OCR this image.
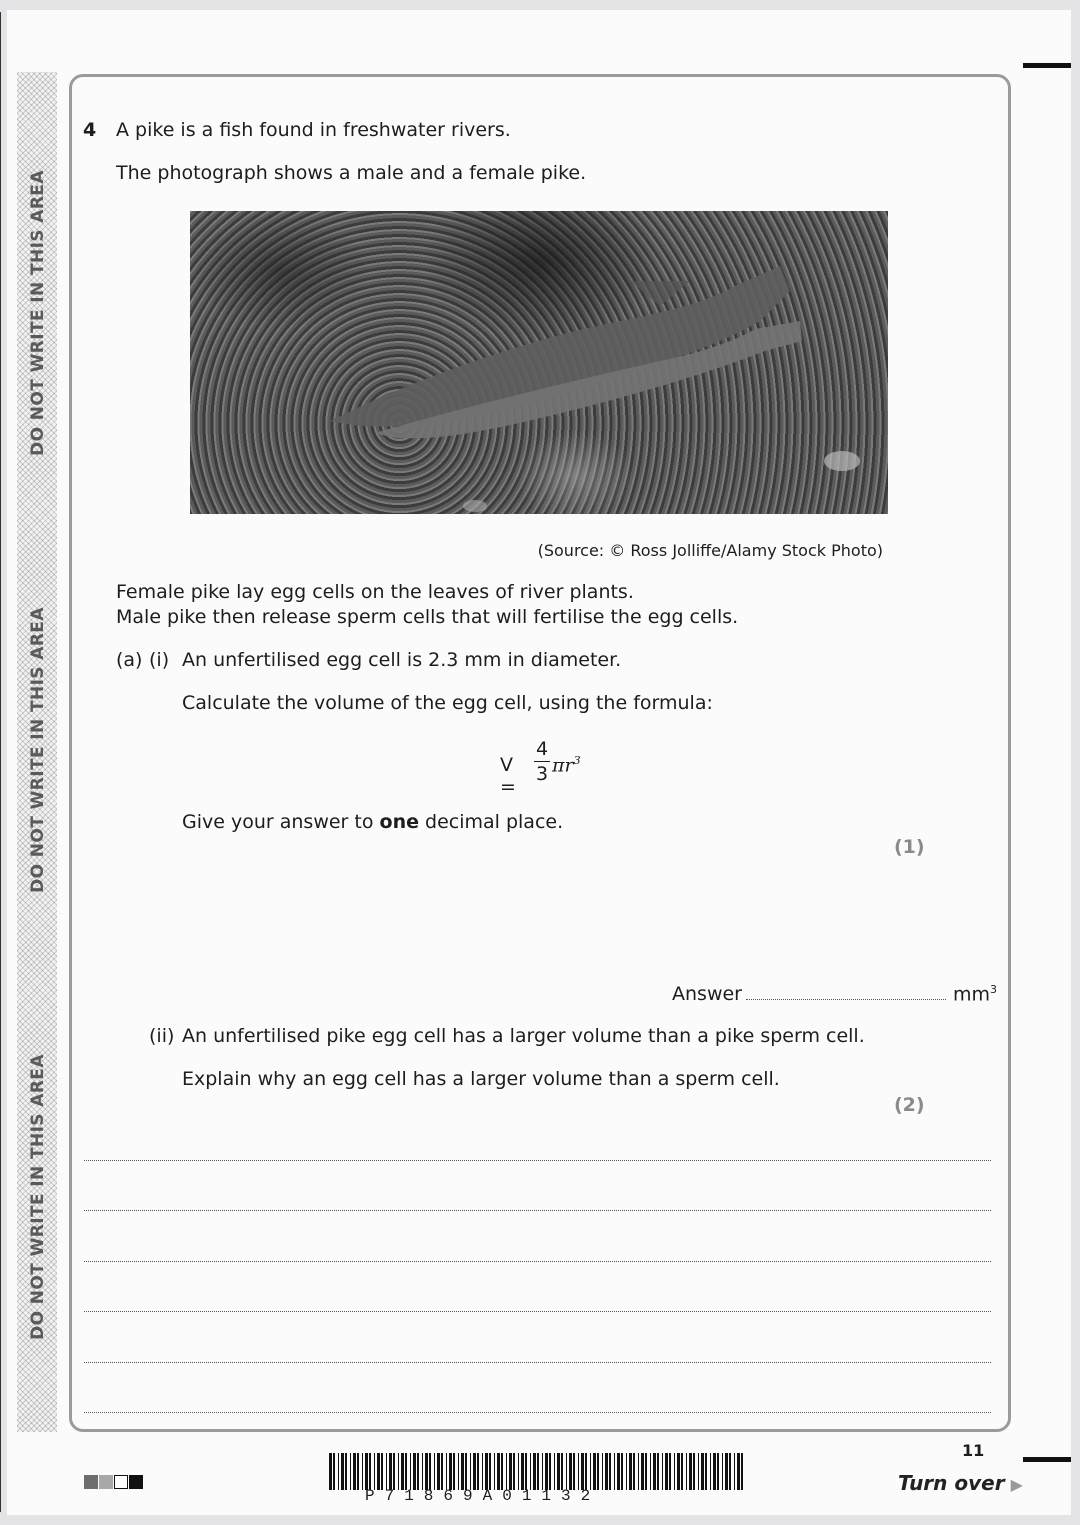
DO NOT WRITE IN THIS AREA
DO NOT WRITE IN THIS AREA
DO NOT WRITE IN THIS AREA
4 A pike is a fish found in freshwater rivers.
The photograph shows a male and a female pike.
(Source: © Ross Jolliffe/Alamy Stock Photo)
Female pike lay egg cells on the leaves of river plants.
Male pike then release sperm cells that will fertilise the egg cells.
(a) (i) An unfertilised egg cell is 2.3 mm in diameter.
Calculate the volume of the egg cell, using the formula:
V =
4
3 $\pi r^3$
Give your answer to one decimal place.
(1)
Answer	$mm^3$
(ii) An unfertilised pike egg cell has a larger volume than a pike sperm cell.
Explain why an egg cell has a larger volume than a sperm cell.
(2)
P71869A01132
11
Turn over ▶
